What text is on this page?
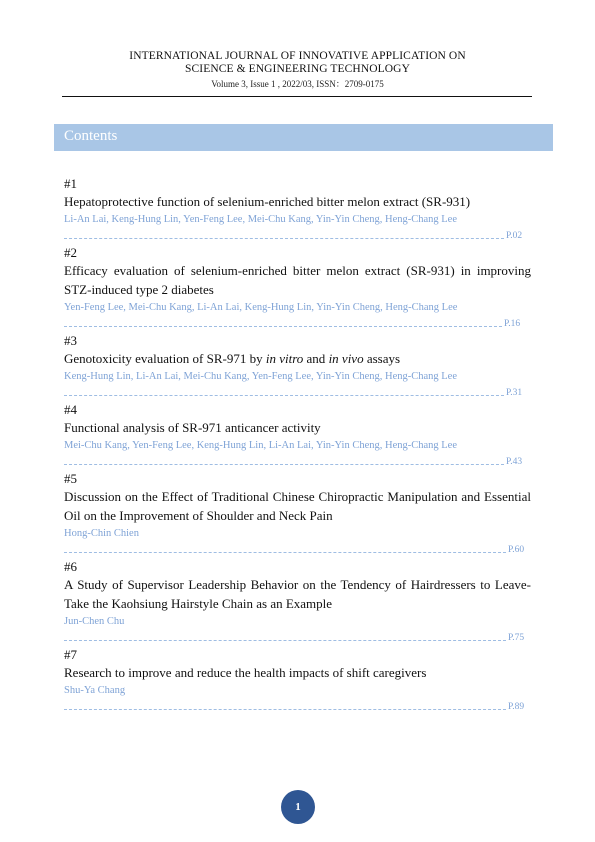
INTERNATIONAL JOURNAL OF INNOVATIVE APPLICATION ON
SCIENCE & ENGINEERING TECHNOLOGY
Volume 3, Issue 1 , 2022/03, ISSN：2709-0175
Contents
#1
Hepatoprotective function of selenium-enriched bitter melon extract (SR-931)
Li-An Lai, Keng-Hung Lin, Yen-Feng Lee, Mei-Chu Kang, Yin-Yin Cheng, Heng-Chang Lee
P.02
#2
Efficacy evaluation of selenium-enriched bitter melon extract (SR-931) in improving STZ-induced type 2 diabetes
Yen-Feng Lee, Mei-Chu Kang, Li-An Lai, Keng-Hung Lin, Yin-Yin Cheng, Heng-Chang Lee
P.16
#3
Genotoxicity evaluation of SR-971 by in vitro and in vivo assays
Keng-Hung Lin, Li-An Lai, Mei-Chu Kang, Yen-Feng Lee, Yin-Yin Cheng, Heng-Chang Lee
P.31
#4
Functional analysis of SR-971 anticancer activity
Mei-Chu Kang, Yen-Feng Lee, Keng-Hung Lin, Li-An Lai, Yin-Yin Cheng, Heng-Chang Lee
P.43
#5
Discussion on the Effect of Traditional Chinese Chiropractic Manipulation and Essential Oil on the Improvement of Shoulder and Neck Pain
Hong-Chin Chien
P.60
#6
A Study of Supervisor Leadership Behavior on the Tendency of Hairdressers to Leave-Take the Kaohsiung Hairstyle Chain as an Example
Jun-Chen Chu
P.75
#7
Research to improve and reduce the health impacts of shift caregivers
Shu-Ya Chang
P.89
1
